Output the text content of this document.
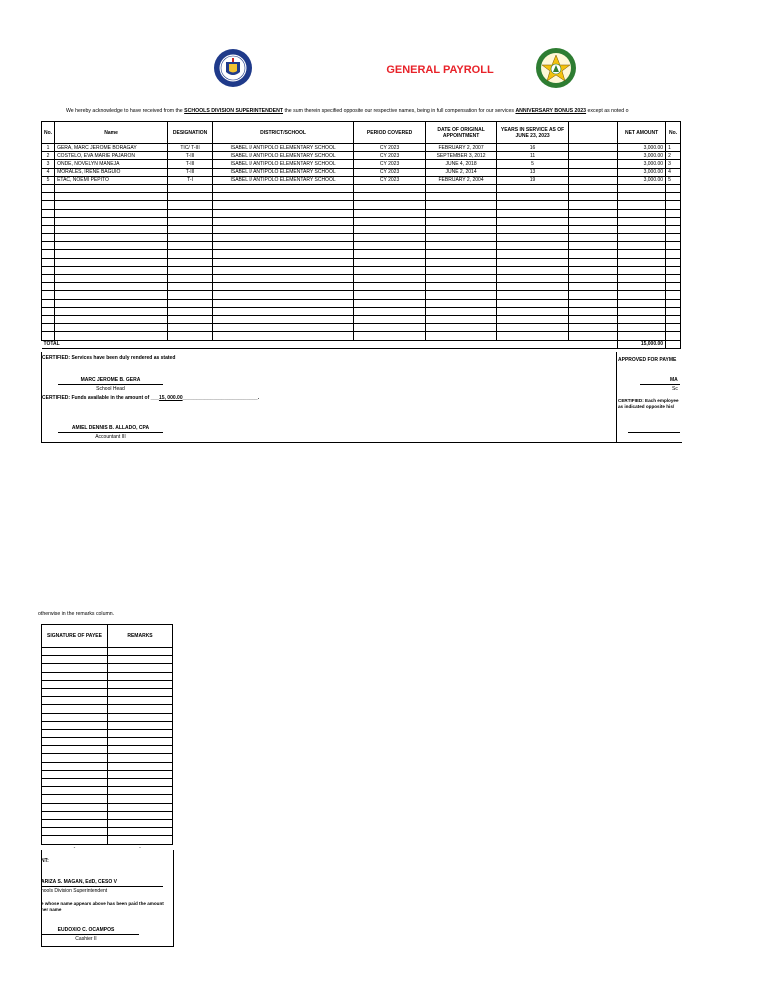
GENERAL PAYROLL
We hereby acknowledge to have received from the SCHOOLS DIVISION SUPERINTENDENT the sum therein specified opposite our respective names, being in full compensation for our services ANNIVERSARY BONUS 2023 except as noted o
No.	Name	DESIGNATION	DISTRICT/SCHOOL	PERIOD COVERED	DATE OF ORIGINAL APPOINTMENT	YEARS IN SERVICE AS OF JUNE 23, 2023		NET AMOUNT	No.
1	GERA, MARC JEROME BORAGAY	TIC/ T-III	ISABEL I/ ANTIPOLO ELEMENTARY SCHOOL	CY 2023	FEBRUARY 2, 2007	16		3,000.00	1
2	COSTELO, EVA MARIE PAJARON	T-III	ISABEL I/ ANTIPOLO ELEMENTARY SCHOOL	CY 2023	SEPTEMBER 3, 2012	11		3,000.00	2
3	ONDE, NOVELYN MANEJA	T-III	ISABEL I/ ANTIPOLO ELEMENTARY SCHOOL	CY 2023	JUNE 4, 2018	5		3,000.00	3
4	MORALES, IRENE BAGUIO	T-III	ISABEL I/ ANTIPOLO ELEMENTARY SCHOOL	CY 2023	JUNE 2, 2014	13		3,000.00	4
5	ETAC, NOEMI PEPITO	T-I	ISABEL I/ ANTIPOLO ELEMENTARY SCHOOL	CY 2023	FEBRUARY 2, 2004	19		3,000.00	5

TOTAL								15,000.00	
CERTIFIED: Services have been duly rendered as stated
MARC JEROME B. GERA
School Head
CERTIFIED: Funds available in the amount of ___15, 000.00___________________________.
AMIEL DENNIS B. ALLADO, CPA
Accountant III
APPROVED FOR PAYME
MA
Sc
CERTIFIED: Each employee
as indicated opposite his/
otherwise in the remarks column.
SIGNATURE OF PAYEE	REMARKS

-	-
NT:
ARIZA S. MAGAN, EdD, CESO V
hools Division Superintendent
e whose name appears above has been paid the amount
her name
EUDOXIO C. OCAMPOS
Cashier II
